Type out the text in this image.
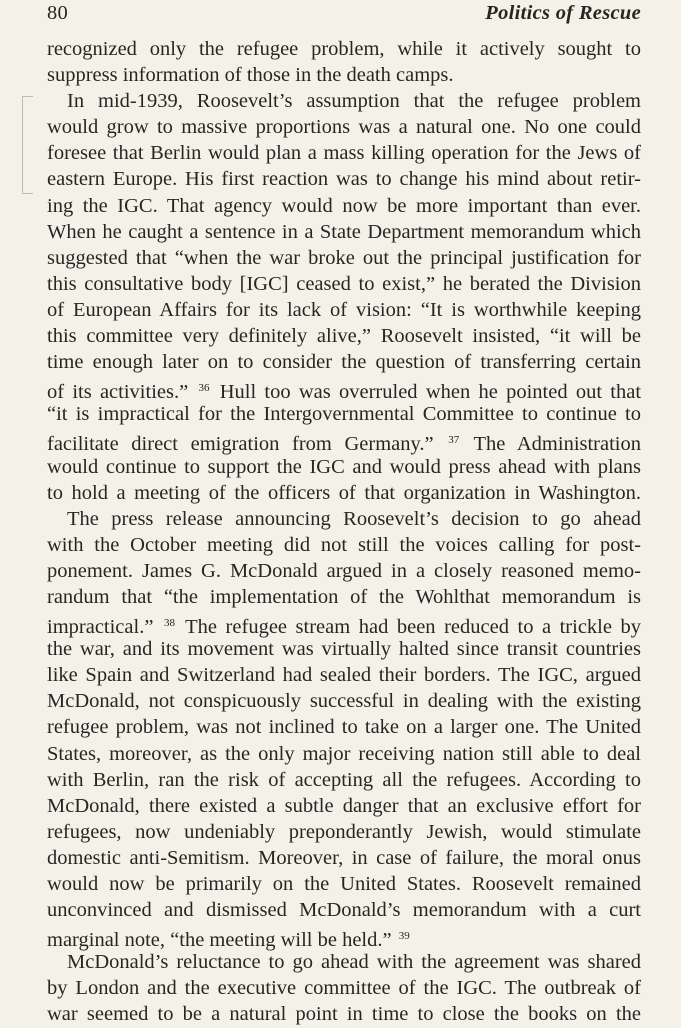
80	Politics of Rescue
recognized only the refugee problem, while it actively sought to
suppress information of those in the death camps.
In mid-1939, Roosevelt’s assumption that the refugee problem
would grow to massive proportions was a natural one. No one could
foresee that Berlin would plan a mass killing operation for the Jews of
eastern Europe. His first reaction was to change his mind about retir-
ing the IGC. That agency would now be more important than ever.
When he caught a sentence in a State Department memorandum which
suggested that “when the war broke out the principal justification for
this consultative body [IGC] ceased to exist,” he berated the Division
of European Affairs for its lack of vision: “It is worthwhile keeping
this committee very definitely alive,” Roosevelt insisted, “it will be
time enough later on to consider the question of transferring certain
of its activities.” $^{36}$ Hull too was overruled when he pointed out that
“it is impractical for the Intergovernmental Committee to continue to
facilitate direct emigration from Germany.” $^{37}$ The Administration
would continue to support the IGC and would press ahead with plans
to hold a meeting of the officers of that organization in Washington.
The press release announcing Roosevelt’s decision to go ahead
with the October meeting did not still the voices calling for post-
ponement. James G. McDonald argued in a closely reasoned memo-
randum that “the implementation of the Wohlthat memorandum is
impractical.” $^{38}$ The refugee stream had been reduced to a trickle by
the war, and its movement was virtually halted since transit countries
like Spain and Switzerland had sealed their borders. The IGC, argued
McDonald, not conspicuously successful in dealing with the existing
refugee problem, was not inclined to take on a larger one. The United
States, moreover, as the only major receiving nation still able to deal
with Berlin, ran the risk of accepting all the refugees. According to
McDonald, there existed a subtle danger that an exclusive effort for
refugees, now undeniably preponderantly Jewish, would stimulate
domestic anti-Semitism. Moreover, in case of failure, the moral onus
would now be primarily on the United States. Roosevelt remained
unconvinced and dismissed McDonald’s memorandum with a curt
marginal note, “the meeting will be held.” $^{39}$
McDonald’s reluctance to go ahead with the agreement was shared
by London and the executive committee of the IGC. The outbreak of
war seemed to be a natural point in time to close the books on the
